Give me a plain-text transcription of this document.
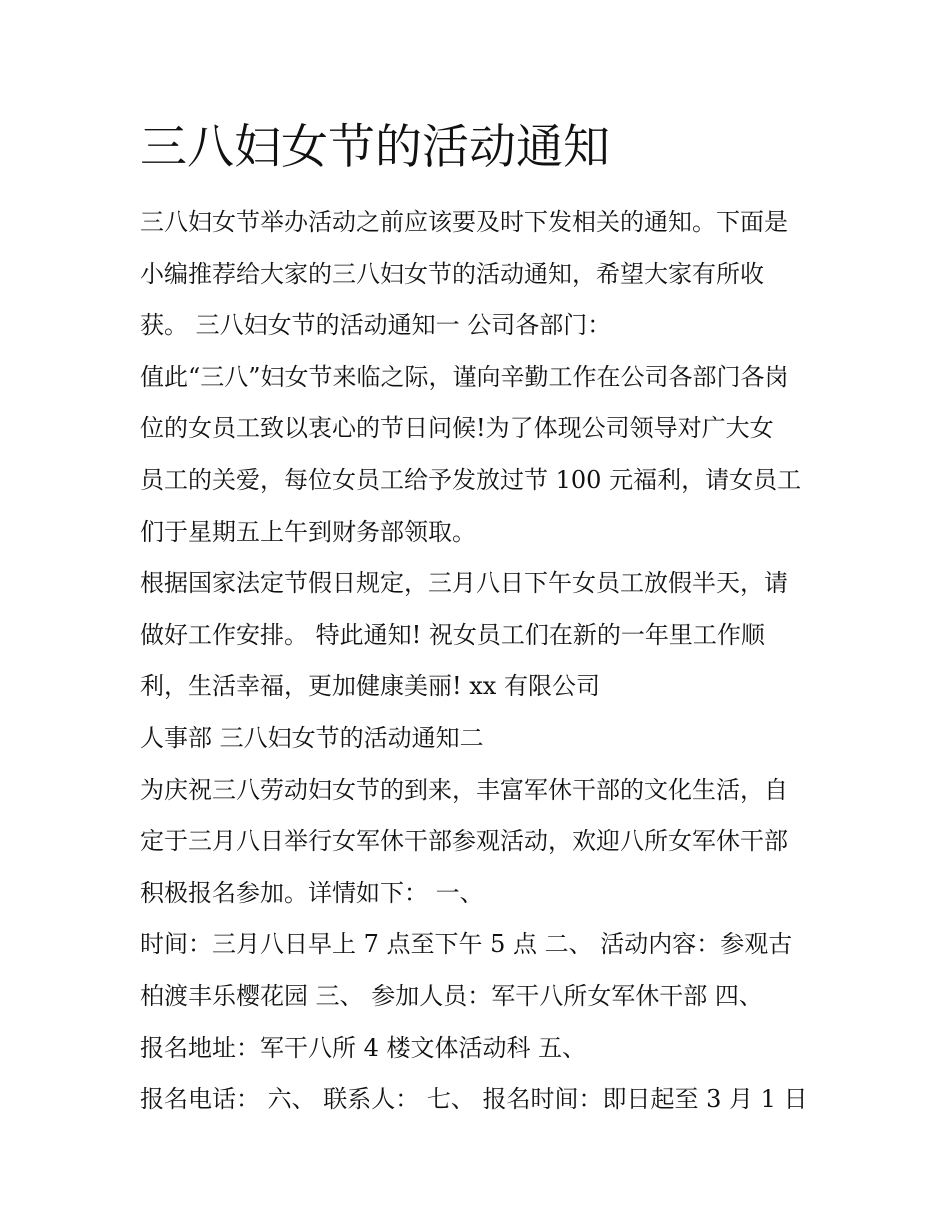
三八妇女节的活动通知
三八妇女节举办活动之前应该要及时下发相关的通知。下面是
小编推荐给大家的三八妇女节的活动通知，希望大家有所收
获。 三八妇女节的活动通知一 公司各部门：
值此“三八”妇女节来临之际，谨向辛勤工作在公司各部门各岗
位的女员工致以衷心的节日问候!为了体现公司领导对广大女
员工的关爱，每位女员工给予发放过节 100 元福利，请女员工
们于星期五上午到财务部领取。
根据国家法定节假日规定，三月八日下午女员工放假半天，请
做好工作安排。 特此通知! 祝女员工们在新的一年里工作顺
利，生活幸福，更加健康美丽! xx 有限公司
人事部 三八妇女节的活动通知二
为庆祝三八劳动妇女节的到来，丰富军休干部的文化生活，自
定于三月八日举行女军休干部参观活动，欢迎八所女军休干部
积极报名参加。详情如下： 一、
时间：三月八日早上 7 点至下午 5 点 二、 活动内容：参观古
柏渡丰乐樱花园 三、 参加人员：军干八所女军休干部 四、
报名地址：军干八所 4 楼文体活动科 五、
报名电话： 六、 联系人： 七、 报名时间：即日起至 3 月 1 日
